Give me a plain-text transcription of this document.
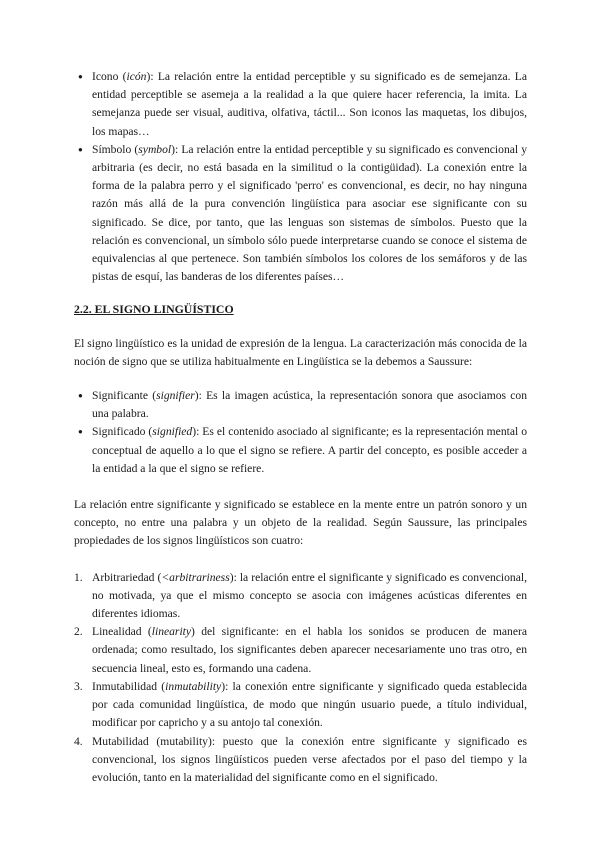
● Icono (icón): La relación entre la entidad perceptible y su significado es de semejanza. La entidad perceptible se asemeja a la realidad a la que quiere hacer referencia, la imita. La semejanza puede ser visual, auditiva, olfativa, táctil... Son iconos las maquetas, los dibujos, los mapas…
● Símbolo (symbol): La relación entre la entidad perceptible y su significado es convencional y arbitraria (es decir, no está basada en la similitud o la contigüidad). La conexión entre la forma de la palabra perro y el significado 'perro' es convencional, es decir, no hay ninguna razón más allá de la pura convención lingüística para asociar ese significante con su significado. Se dice, por tanto, que las lenguas son sistemas de símbolos. Puesto que la relación es convencional, un símbolo sólo puede interpretarse cuando se conoce el sistema de equivalencias al que pertenece. Son también símbolos los colores de los semáforos y de las pistas de esquí, las banderas de los diferentes países…

2.2. EL SIGNO LINGÜÍSTICO

El signo lingüístico es la unidad de expresión de la lengua. La caracterización más conocida de la noción de signo que se utiliza habitualmente en Lingüística se la debemos a Saussure:

● Significante (signifier): Es la imagen acústica, la representación sonora que asociamos con una palabra.
● Significado (signified): Es el contenido asociado al significante; es la representación mental o conceptual de aquello a lo que el signo se refiere. A partir del concepto, es posible acceder a la entidad a la que el signo se refiere.

La relación entre significante y significado se establece en la mente entre un patrón sonoro y un concepto, no entre una palabra y un objeto de la realidad. Según Saussure, las principales propiedades de los signos lingüísticos son cuatro:

1. Arbitrariedad (<arbitrariness): la relación entre el significante y significado es convencional, no motivada, ya que el mismo concepto se asocia con imágenes acústicas diferentes en diferentes idiomas.
2. Linealidad (linearity) del significante: en el habla los sonidos se producen de manera ordenada; como resultado, los significantes deben aparecer necesariamente uno tras otro, en secuencia lineal, esto es, formando una cadena.
3. Inmutabilidad (inmutability): la conexión entre significante y significado queda establecida por cada comunidad lingüística, de modo que ningún usuario puede, a título individual, modificar por capricho y a su antojo tal conexión.
4. Mutabilidad (mutability): puesto que la conexión entre significante y significado es convencional, los signos lingüísticos pueden verse afectados por el paso del tiempo y la evolución, tanto en la materialidad del significante como en el significado.
